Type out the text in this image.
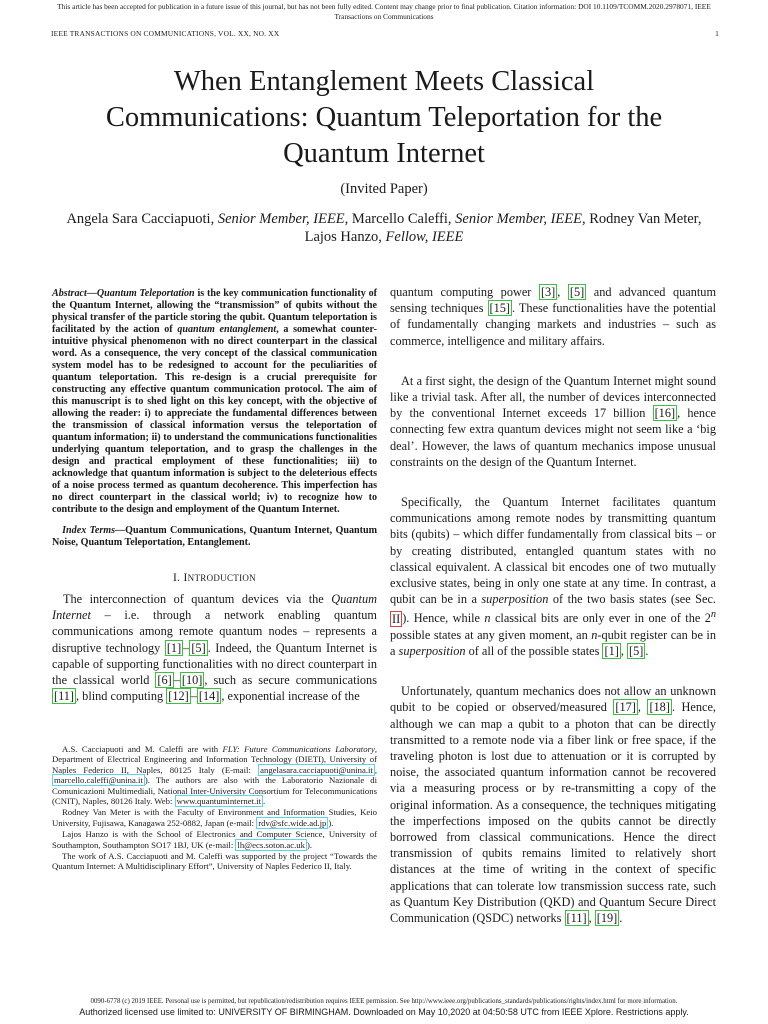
This article has been accepted for publication in a future issue of this journal, but has not been fully edited. Content may change prior to final publication. Citation information: DOI 10.1109/TCOMM.2020.2978071, IEEE
Transactions on Communications
IEEE TRANSACTIONS ON COMMUNICATIONS, VOL. XX, NO. XX	1
When Entanglement Meets Classical
Communications: Quantum Teleportation for the
Quantum Internet
(Invited Paper)
Angela Sara Cacciapuoti, Senior Member, IEEE, Marcello Caleffi, Senior Member, IEEE, Rodney Van Meter,
Lajos Hanzo, Fellow, IEEE

Abstract—Quantum Teleportation is the key communication functionality of the Quantum Internet, allowing the “transmission” of qubits without the physical transfer of the particle storing the qubit. Quantum teleportation is facilitated by the action of quantum entanglement, a somewhat counter-intuitive physical phenomenon with no direct counterpart in the classical word. As a consequence, the very concept of the classical communication system model has to be redesigned to account for the peculiarities of quantum teleportation. This re-design is a crucial prerequisite for constructing any effective quantum communication protocol. The aim of this manuscript is to shed light on this key concept, with the objective of allowing the reader: i) to appreciate the fundamental differences between the transmission of classical information versus the teleportation of quantum information; ii) to understand the communications functionalities underlying quantum teleportation, and to grasp the challenges in the design and practical employment of these functionalities; iii) to acknowledge that quantum information is subject to the deleterious effects of a noise process termed as quantum decoherence. This imperfection has no direct counterpart in the classical world; iv) to recognize how to contribute to the design and employment of the Quantum Internet.

Index Terms—Quantum Communications, Quantum Internet, Quantum Noise, Quantum Teleportation, Entanglement.

I. INTRODUCTION

The interconnection of quantum devices via the Quantum Internet – i.e. through a network enabling quantum communications among remote quantum nodes – represents a disruptive technology [1] – [5] . Indeed, the Quantum Internet is capable of supporting functionalities with no direct counterpart in the classical world [6] – [10] , such as secure communications [11] , blind computing [12] – [14] , exponential increase of the

A.S. Cacciapuoti and M. Caleffi are with FLY: Future Communications Laboratory, Department of Electrical Engineering and Information Technology (DIETI), University of Naples Federico II, Naples, 80125 Italy (E-mail: angelasara.cacciapuoti@unina.it , marcello.caleffi@unina.it ). The authors are also with the Laboratorio Nazionale di Comunicazioni Multimediali, National Inter-University Consortium for Telecommunications (CNIT), Naples, 80126 Italy. Web: www.quantuminternet.it .

Rodney Van Meter is with the Faculty of Environment and Information Studies, Keio University, Fujisawa, Kanagawa 252-0882, Japan (e-mail: rdv@sfc.wide.ad.jp ).

Lajos Hanzo is with the School of Electronics and Computer Science, University of Southampton, Southampton SO17 1BJ, UK (e-mail: lh@ecs.soton.ac.uk ).

The work of A.S. Cacciapuoti and M. Caleffi was supported by the project “Towards the Quantum Internet: A Multidisciplinary Effort”, University of Naples Federico II, Italy.

quantum computing power [3] , [5] and advanced quantum sensing techniques [15] . These functionalities have the potential of fundamentally changing markets and industries – such as commerce, intelligence and military affairs.

At a first sight, the design of the Quantum Internet might sound like a trivial task. After all, the number of devices interconnected by the conventional Internet exceeds 17 billion [16] , hence connecting few extra quantum devices might not seem like a ‘big deal’. However, the laws of quantum mechanics impose unusual constraints on the design of the Quantum Internet.

Specifically, the Quantum Internet facilitates quantum communications among remote nodes by transmitting quantum bits (qubits) – which differ fundamentally from classical bits – or by creating distributed, entangled quantum states with no classical equivalent. A classical bit encodes one of two mutually exclusive states, being in only one state at any time. In contrast, a qubit can be in a superposition of the two basis states (see Sec. II ). Hence, while n classical bits are only ever in one of the 2$^n$ possible states at any given moment, an n-qubit register can be in a superposition of all of the possible states [1] , [5] .

Unfortunately, quantum mechanics does not allow an unknown qubit to be copied or observed/measured [17] , [18] . Hence, although we can map a qubit to a photon that can be directly transmitted to a remote node via a fiber link or free space, if the traveling photon is lost due to attenuation or it is corrupted by noise, the associated quantum information cannot be recovered via a measuring process or by re-transmitting a copy of the original information. As a consequence, the techniques mitigating the imperfections imposed on the qubits cannot be directly borrowed from classical communications. Hence the direct transmission of qubits remains limited to relatively short distances at the time of writing in the context of specific applications that can tolerate low transmission success rate, such as Quantum Key Distribution (QKD) and Quantum Secure Direct Communication (QSDC) networks [11] , [19] .

0090-6778 (c) 2019 IEEE. Personal use is permitted, but republication/redistribution requires IEEE permission. See http://www.ieee.org/publications_standards/publications/rights/index.html for more information.
Authorized licensed use limited to: UNIVERSITY OF BIRMINGHAM. Downloaded on May 10,2020 at 04:50:58 UTC from IEEE Xplore. Restrictions apply.
